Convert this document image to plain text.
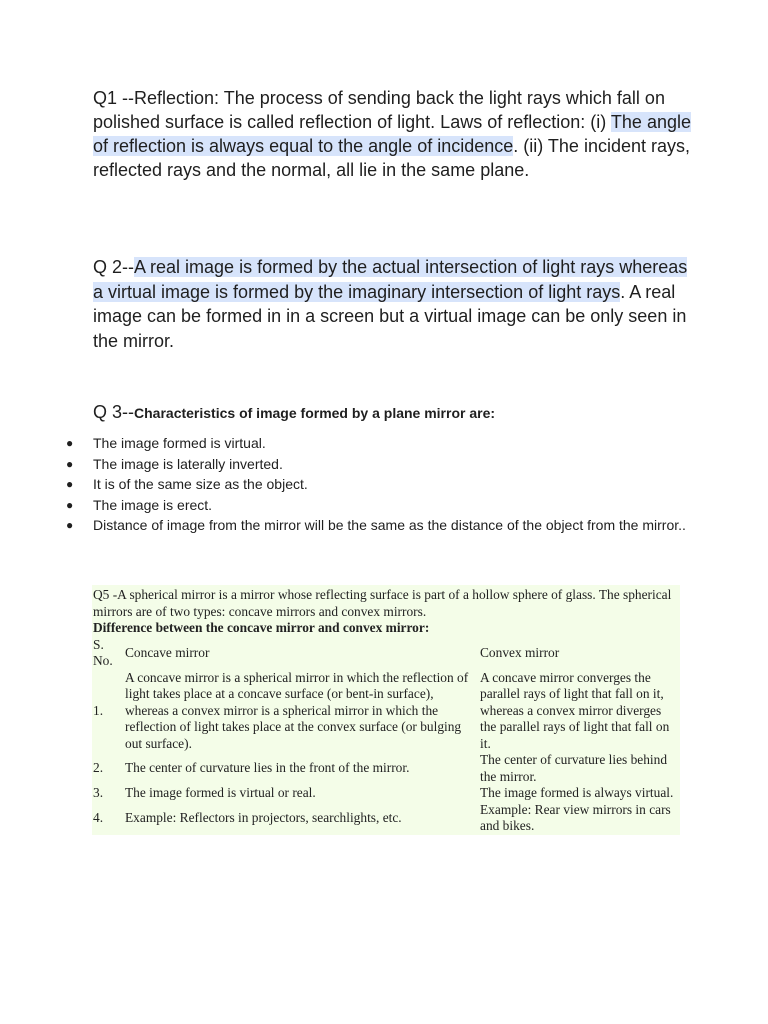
Q1 --Reflection: The process of sending back the light rays which fall on polished surface is called reflection of light. Laws of reflection: (i) The angle of reflection is always equal to the angle of incidence. (ii) The incident rays, reflected rays and the normal, all lie in the same plane.
Q 2--A real image is formed by the actual intersection of light rays whereas a virtual image is formed by the imaginary intersection of light rays. A real image can be formed in in a screen but a virtual image can be only seen in the mirror.
Q 3--Characteristics of image formed by a plane mirror are:
● The image formed is virtual.
● The image is laterally inverted.
● It is of the same size as the object.
● The image is erect.
● Distance of image from the mirror will be the same as the distance of the object from the mirror..
Q5 -A spherical mirror is a mirror whose reflecting surface is part of a hollow sphere of glass. The spherical mirrors are of two types: concave mirrors and convex mirrors.
Difference between the concave mirror and convex mirror:
S. No.	Concave mirror	Convex mirror
1.	A concave mirror is a spherical mirror in which the reflection of light takes place at a concave surface (or bent-in surface), whereas a convex mirror is a spherical mirror in which the reflection of light takes place at the convex surface (or bulging out surface).	A concave mirror converges the parallel rays of light that fall on it, whereas a convex mirror diverges the parallel rays of light that fall on it.
2.	The center of curvature lies in the front of the mirror.	The center of curvature lies behind the mirror.
3.	The image formed is virtual or real.	The image formed is always virtual.
4.	Example: Reflectors in projectors, searchlights, etc.	Example: Rear view mirrors in cars and bikes.
